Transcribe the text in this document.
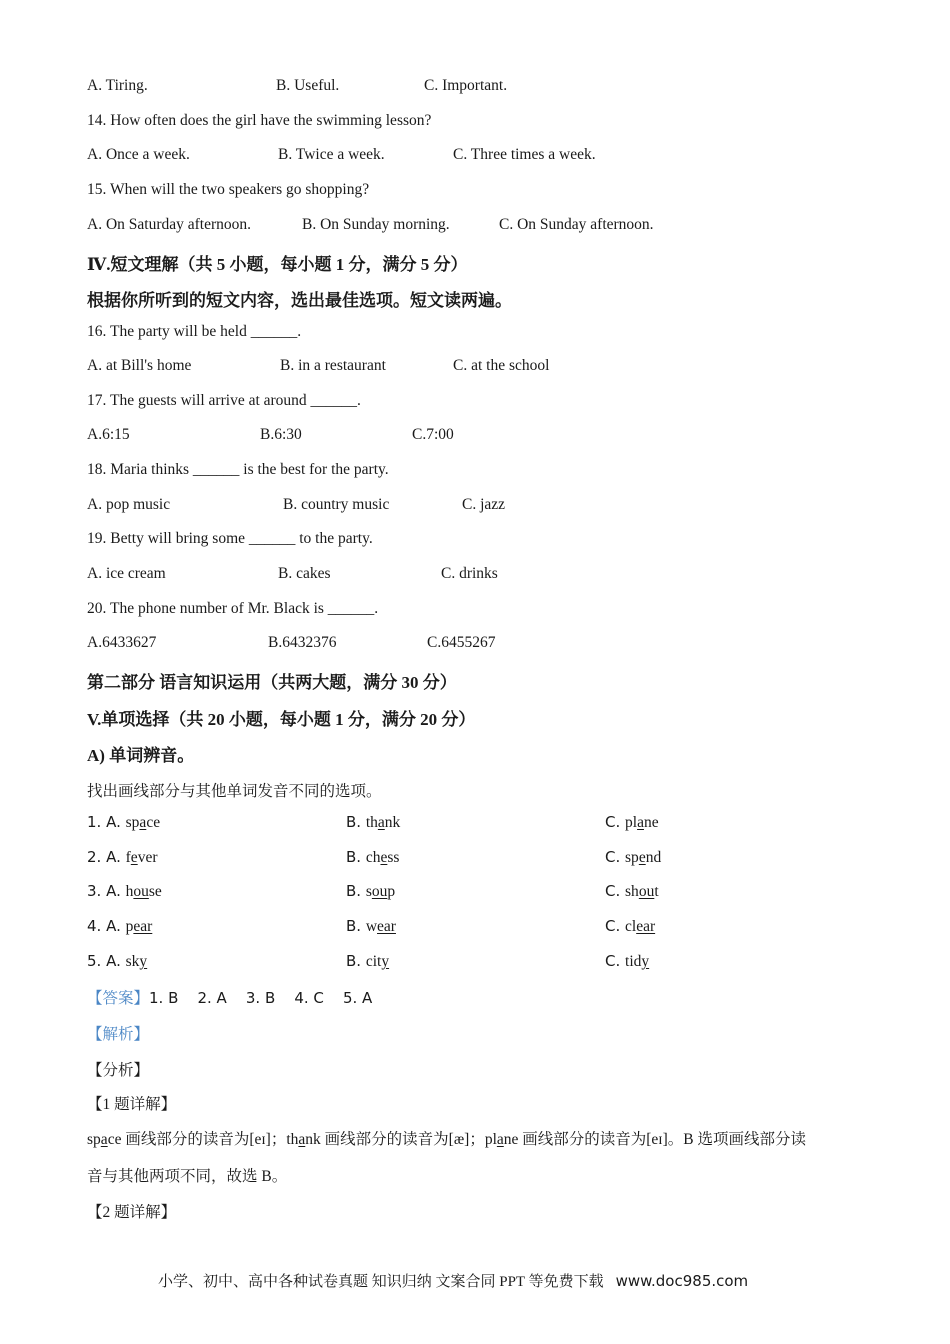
A. Tiring.	B. Useful.	C. Important.
14. How often does the girl have the swimming lesson?
A. Once a week.	B. Twice a week.	C. Three times a week.
15. When will the two speakers go shopping?
A. On Saturday afternoon.	B. On Sunday morning.	C. On Sunday afternoon.
Ⅳ.短文理解（共 5 小题，每小题 1 分，满分 5 分）
根据你所听到的短文内容，选出最佳选项。短文读两遍。
16. The party will be held ______.
A. at Bill's home	B. in a restaurant	C. at the school
17. The guests will arrive at around ______.
A.6:15	B.6:30	C.7:00
18. Maria thinks ______ is the best for the party.
A. pop music	B. country music	C. jazz
19. Betty will bring some ______ to the party.
A. ice cream	B. cakes	C. drinks
20. The phone number of Mr. Black is ______.
A.6433627	B.6432376	C.6455267
第二部分 语言知识运用（共两大题，满分 30 分）
V.单项选择（共 20 小题，每小题 1 分，满分 20 分）
A) 单词辨音。
找出画线部分与其他单词发音不同的选项。
1. A. space	B. thank	C. plane
2. A. fever	B. chess	C. spend
3. A. house	B. soup	C. shout
4. A. pear	B. wear	C. clear
5. A. sky	B. city	C. tidy
【答案】1. B    2. A    3. B    4. C    5. A
【解析】
【分析】
【1 题详解】
space 画线部分的读音为[eɪ]；thank 画线部分的读音为[æ]；plane 画线部分的读音为[eɪ]。B 选项画线部分读
音与其他两项不同，故选 B。
【2 题详解】
小学、初中、高中各种试卷真题 知识归纳 文案合同 PPT 等免费下载 www.doc985.com
